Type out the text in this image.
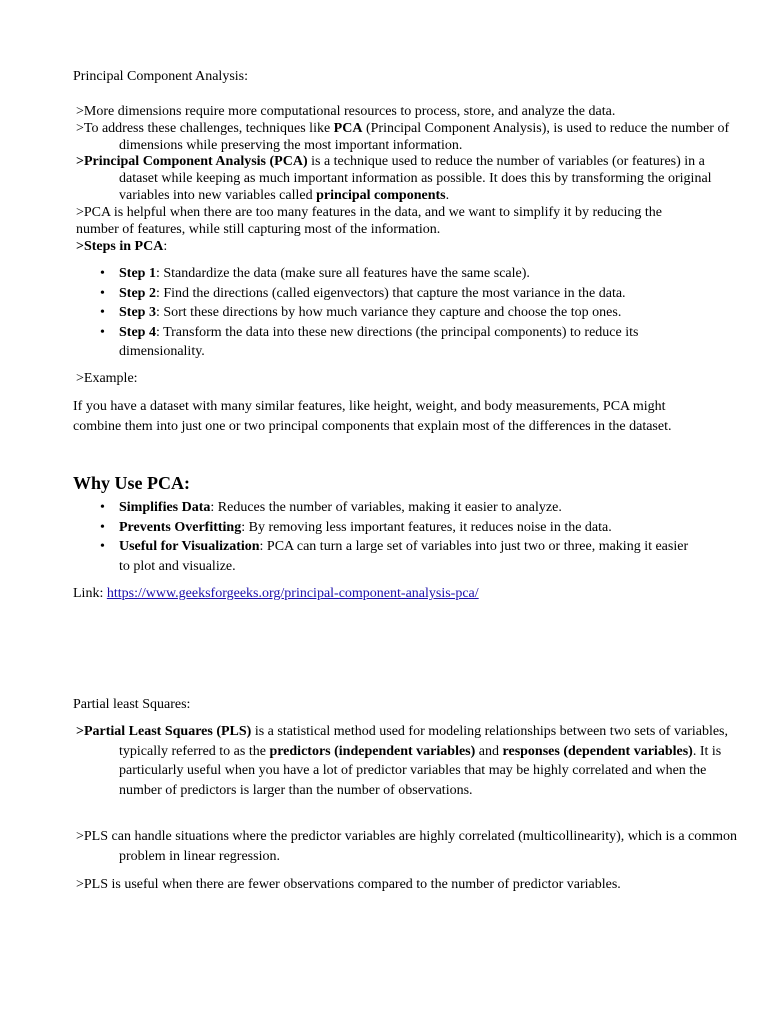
Principal Component Analysis:

>More dimensions require more computational resources to process, store, and analyze the data.

>To address these challenges, techniques like PCA (Principal Component Analysis), is used to reduce the number of dimensions while preserving the most important information.

>Principal Component Analysis (PCA) is a technique used to reduce the number of variables (or features) in a dataset while keeping as much important information as possible. It does this by transforming the original variables into new variables called principal components.

>PCA is helpful when there are too many features in the data, and we want to simplify it by reducing the number of features, while still capturing most of the information.

>Steps in PCA:

• Step 1: Standardize the data (make sure all features have the same scale).
• Step 2: Find the directions (called eigenvectors) that capture the most variance in the data.
• Step 3: Sort these directions by how much variance they capture and choose the top ones.
• Step 4: Transform the data into these new directions (the principal components) to reduce its dimensionality.

>Example:

If you have a dataset with many similar features, like height, weight, and body measurements, PCA might combine them into just one or two principal components that explain most of the differences in the dataset.

Why Use PCA:
• Simplifies Data: Reduces the number of variables, making it easier to analyze.
• Prevents Overfitting: By removing less important features, it reduces noise in the data.
• Useful for Visualization: PCA can turn a large set of variables into just two or three, making it easier to plot and visualize.

Link: https://www.geeksforgeeks.org/principal-component-analysis-pca/

Partial least Squares:

>Partial Least Squares (PLS) is a statistical method used for modeling relationships between two sets of variables, typically referred to as the predictors (independent variables) and responses (dependent variables). It is particularly useful when you have a lot of predictor variables that may be highly correlated and when the number of predictors is larger than the number of observations.

>PLS can handle situations where the predictor variables are highly correlated (multicollinearity), which is a common problem in linear regression.

>PLS is useful when there are fewer observations compared to the number of predictor variables.
